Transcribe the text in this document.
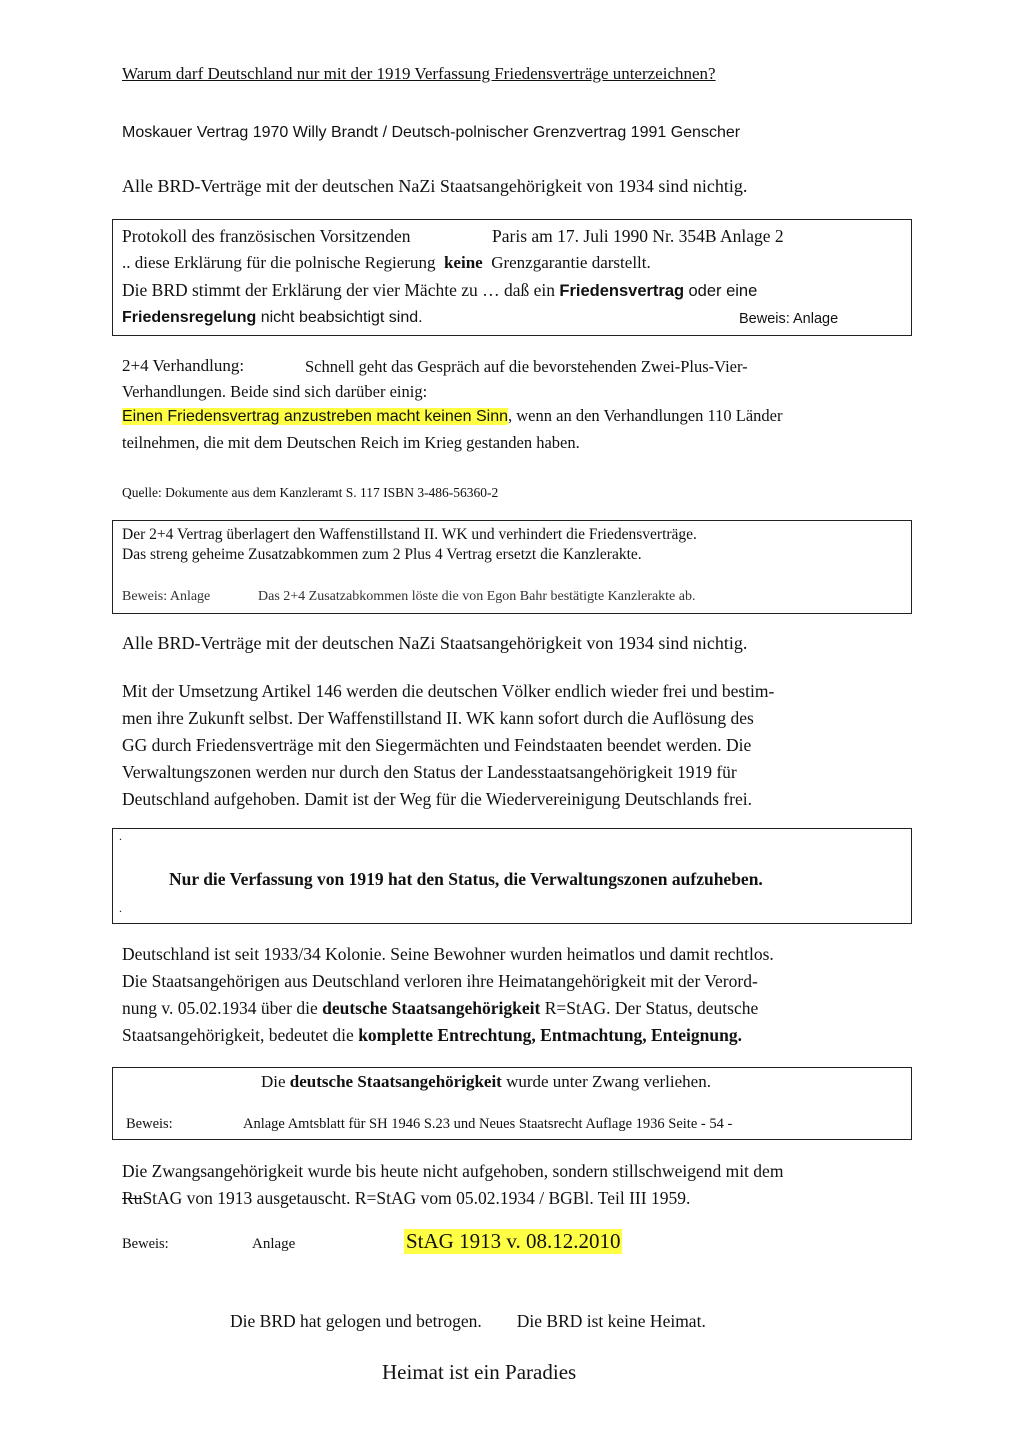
Warum darf Deutschland nur mit der 1919 Verfassung Friedensverträge unterzeichnen?
Moskauer Vertrag 1970 Willy Brandt / Deutsch-polnischer Grenzvertrag 1991 Genscher
Alle BRD-Verträge mit der deutschen NaZi Staatsangehörigkeit von 1934 sind nichtig.
Protokoll des französischen Vorsitzenden	Paris am 17. Juli 1990 Nr. 354B Anlage 2
.. diese Erklärung für die polnische Regierung keine Grenzgarantie darstellt.
Die BRD stimmt der Erklärung der vier Mächte zu … daß ein Friedensvertrag oder eine
Friedensregelung nicht beabsichtigt sind.	Beweis: Anlage
2+4 Verhandlung:	Schnell geht das Gespräch auf die bevorstehenden Zwei-Plus-Vier-
Verhandlungen. Beide sind sich darüber einig:
Einen Friedensvertrag anzustreben macht keinen Sinn, wenn an den Verhandlungen 110 Länder
teilnehmen, die mit dem Deutschen Reich im Krieg gestanden haben.
Quelle: Dokumente aus dem Kanzleramt S. 117 ISBN 3-486-56360-2
Der 2+4 Vertrag überlagert den Waffenstillstand II. WK und verhindert die Friedensverträge.
Das streng geheime Zusatzabkommen zum 2 Plus 4 Vertrag ersetzt die Kanzlerakte.
Beweis: Anlage	Das 2+4 Zusatzabkommen löste die von Egon Bahr bestätigte Kanzlerakte ab.
Alle BRD-Verträge mit der deutschen NaZi Staatsangehörigkeit von 1934 sind nichtig.
Mit der Umsetzung Artikel 146 werden die deutschen Völker endlich wieder frei und bestim-
men ihre Zukunft selbst. Der Waffenstillstand II. WK kann sofort durch die Auflösung des
GG durch Friedensverträge mit den Siegermächten und Feindstaaten beendet werden. Die
Verwaltungszonen werden nur durch den Status der Landesstaatsangehörigkeit 1919 für
Deutschland aufgehoben. Damit ist der Weg für die Wiedervereinigung Deutschlands frei.
.
Nur die Verfassung von 1919 hat den Status, die Verwaltungszonen aufzuheben.
.
Deutschland ist seit 1933/34 Kolonie. Seine Bewohner wurden heimatlos und damit rechtlos.
Die Staatsangehörigen aus Deutschland verloren ihre Heimatangehörigkeit mit der Verord-
nung v. 05.02.1934 über die deutsche Staatsangehörigkeit R=StAG. Der Status, deutsche
Staatsangehörigkeit, bedeutet die komplette Entrechtung, Entmachtung, Enteignung.
Die deutsche Staatsangehörigkeit wurde unter Zwang verliehen.
Beweis:	Anlage Amtsblatt für SH 1946 S.23 und Neues Staatsrecht Auflage 1936 Seite - 54 -
Die Zwangsangehörigkeit wurde bis heute nicht aufgehoben, sondern stillschweigend mit dem
RuStAG von 1913 ausgetauscht. R=StAG vom 05.02.1934 / BGBl. Teil III 1959.
Beweis:	Anlage	StAG 1913 v. 08.12.2010
Die BRD hat gelogen und betrogen.        Die BRD ist keine Heimat.
Heimat ist ein Paradies
